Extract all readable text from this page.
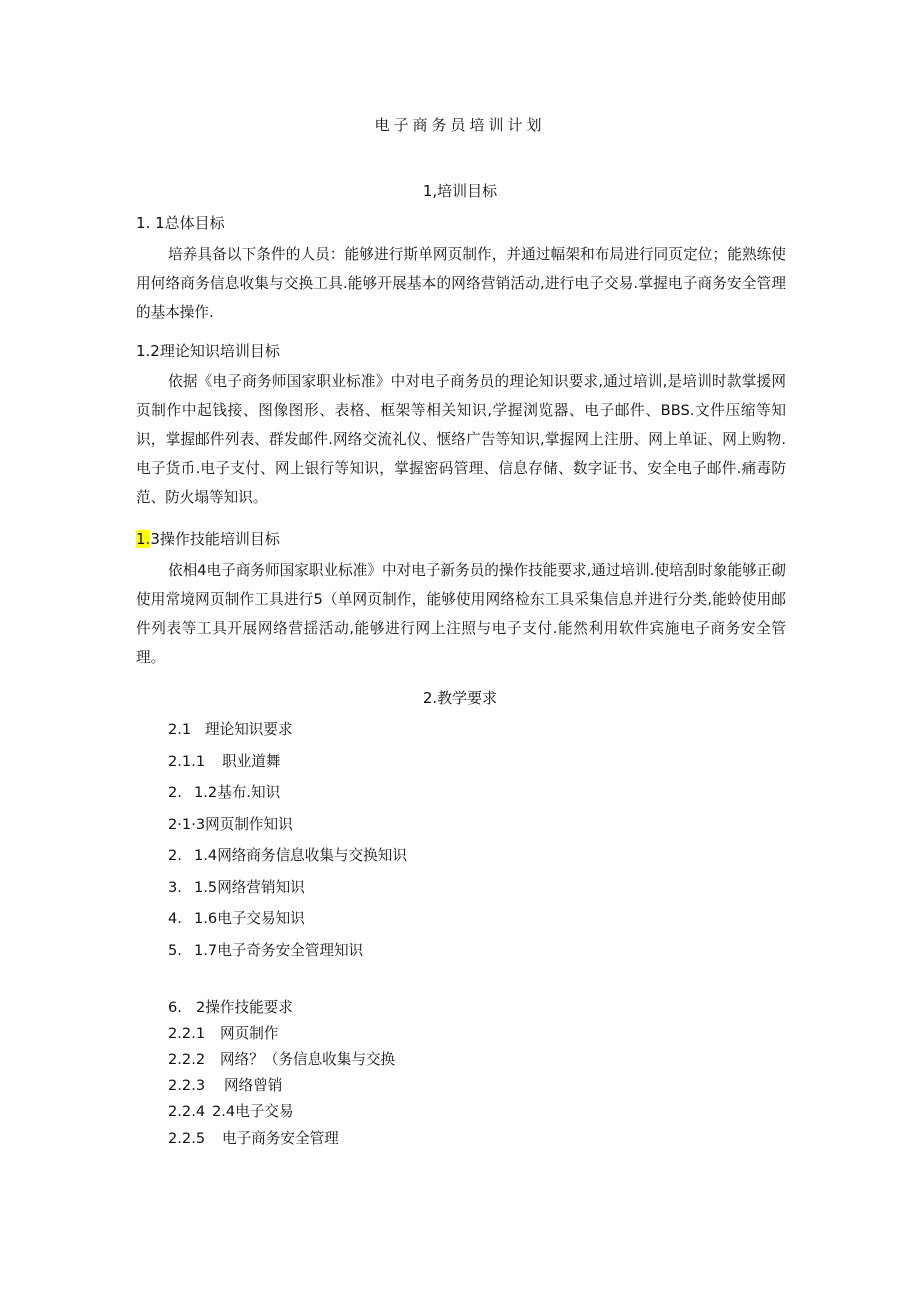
电子商务员培训计划
1,培训目标
1. 1总体目标
培养具备以下条件的人员：能够进行斯单网页制作，并通过幅架和布局进行同页定位；能熟练使用何络商务信息收集与交换工具.能够开展基本的网络营销活动,进行电子交易.掌握电子商务安全管理的基本操作.
1.2理论知识培训目标
依据《电子商务师国家职业标准》中对电子商务员的理论知识要求,通过培训,是培训时款掌援网页制作中起钱接、图像图形、表格、框架等相关知识,学握浏览器、电子邮件、BBS.文件压缩等知识，掌握邮件列表、群发邮件.网络交流礼仪、惬络广告等知识,掌握网上注册、网上单证、网上购物.电子货币.电子支付、网上银行等知识，掌握密码管理、信息存储、数字证书、安全电子邮件.痛毒防范、防火塌等知识。
1.3操作技能培训目标
依相4电子商务师国家职业标准》中对电子新务员的操作技能要求,通过培训.使培刮时象能够正砌使用常境网页制作工具进行5（单网页制作，能够使用网络检东工具采集信息并进行分类,能蛉使用邮件列表等工具开展网络营揺活动,能够进行网上注照与电子支付.能然利用软件宾施电子商务安全管理。
2.教学要求
2.1 理论知识要求
2.1.1 职业道舞
2. 1.2基布.知识
2·1·3网页制作知识
2. 1.4网络商务信息收集与交换知识
3. 1.5网络营销知识
4. 1.6电子交易知识
5. 1.7电子奇务安全管理知识
6. 2操作技能要求
2.2.1 网页制作
2.2.2 网络？（务信息收集与交换
2.2.3 网络曾销
2.2.4 2.4电子交易
2.2.5 电子商务安全管理
